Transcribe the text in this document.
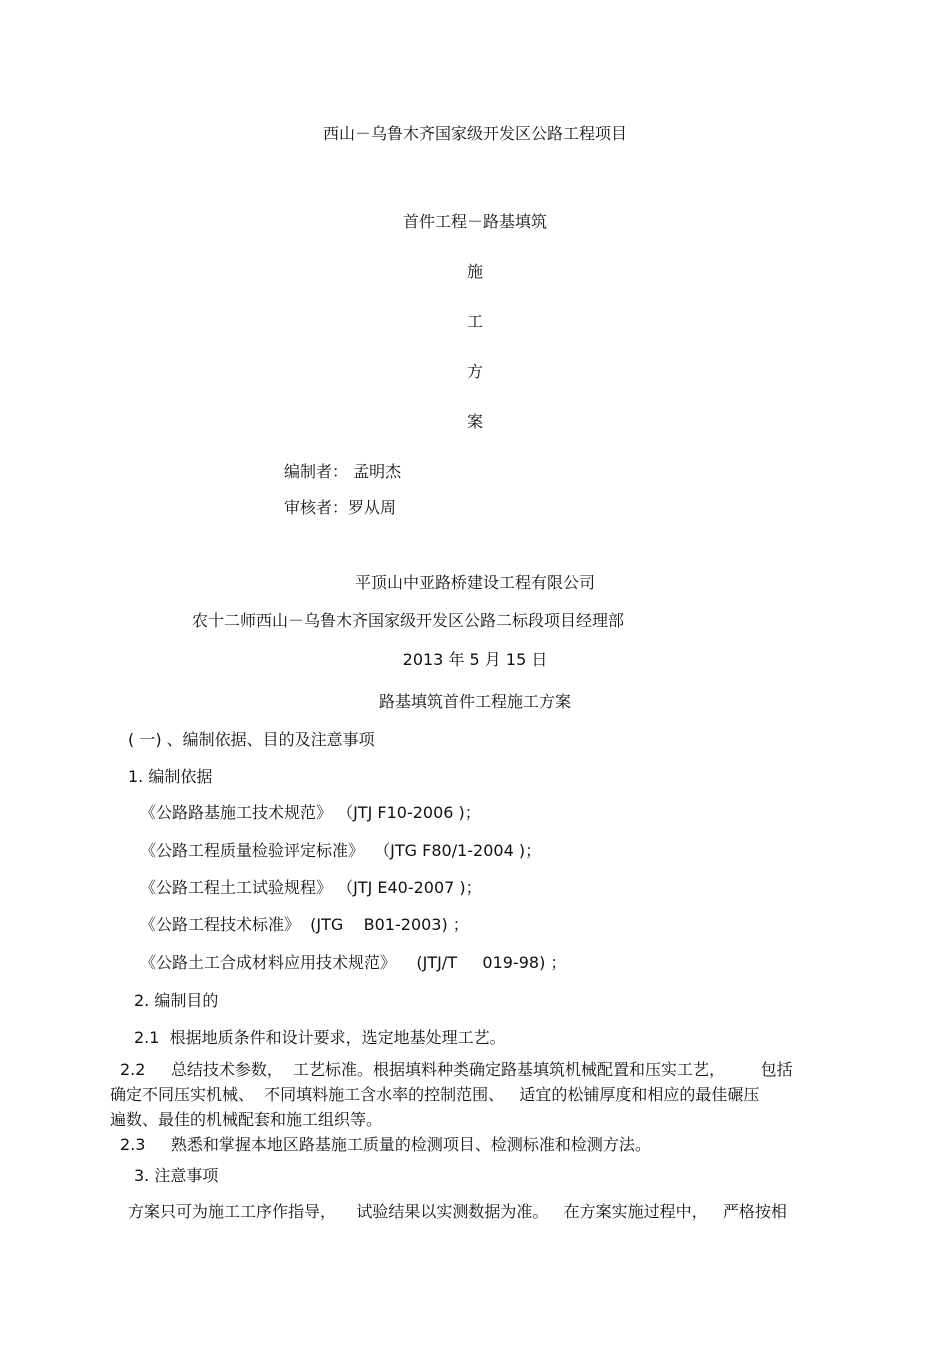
西山－乌鲁木齐国家级开发区公路工程项目
首件工程－路基填筑
施
工
方
案
编制者： 孟明杰
审核者：罗从周
平顶山中亚路桥建设工程有限公司
农十二师西山－乌鲁木齐国家级开发区公路二标段项目经理部
2013 年 5 月 15 日
路基填筑首件工程施工方案
( 一) 、编制依据、目的及注意事项
1. 编制依据
《公路路基施工技术规范》 （JTJ F10-2006 )；
《公路工程质量检验评定标准》  （JTG F80/1-2004 )；
《公路工程土工试验规程》 （JTJ E40-2007 )；
《公路工程技术标准》  (JTG    B01-2003) ；
《公路土工合成材料应用技术规范》    (JTJ/T     019-98) ；
2. 编制目的
2.1  根据地质条件和设计要求，选定地基处理工艺。
2.2     总结技术参数，  工艺标准。根据填料种类确定路基填筑机械配置和压实工艺，       包括
确定不同压实机械、  不同填料施工含水率的控制范围、   适宜的松铺厚度和相应的最佳碾压
遍数、最佳的机械配套和施工组织等。
2.3     熟悉和掌握本地区路基施工质量的检测项目、检测标准和检测方法。
3. 注意事项
方案只可为施工工序作指导，    试验结果以实测数据为准。   在方案实施过程中，   严格按相
